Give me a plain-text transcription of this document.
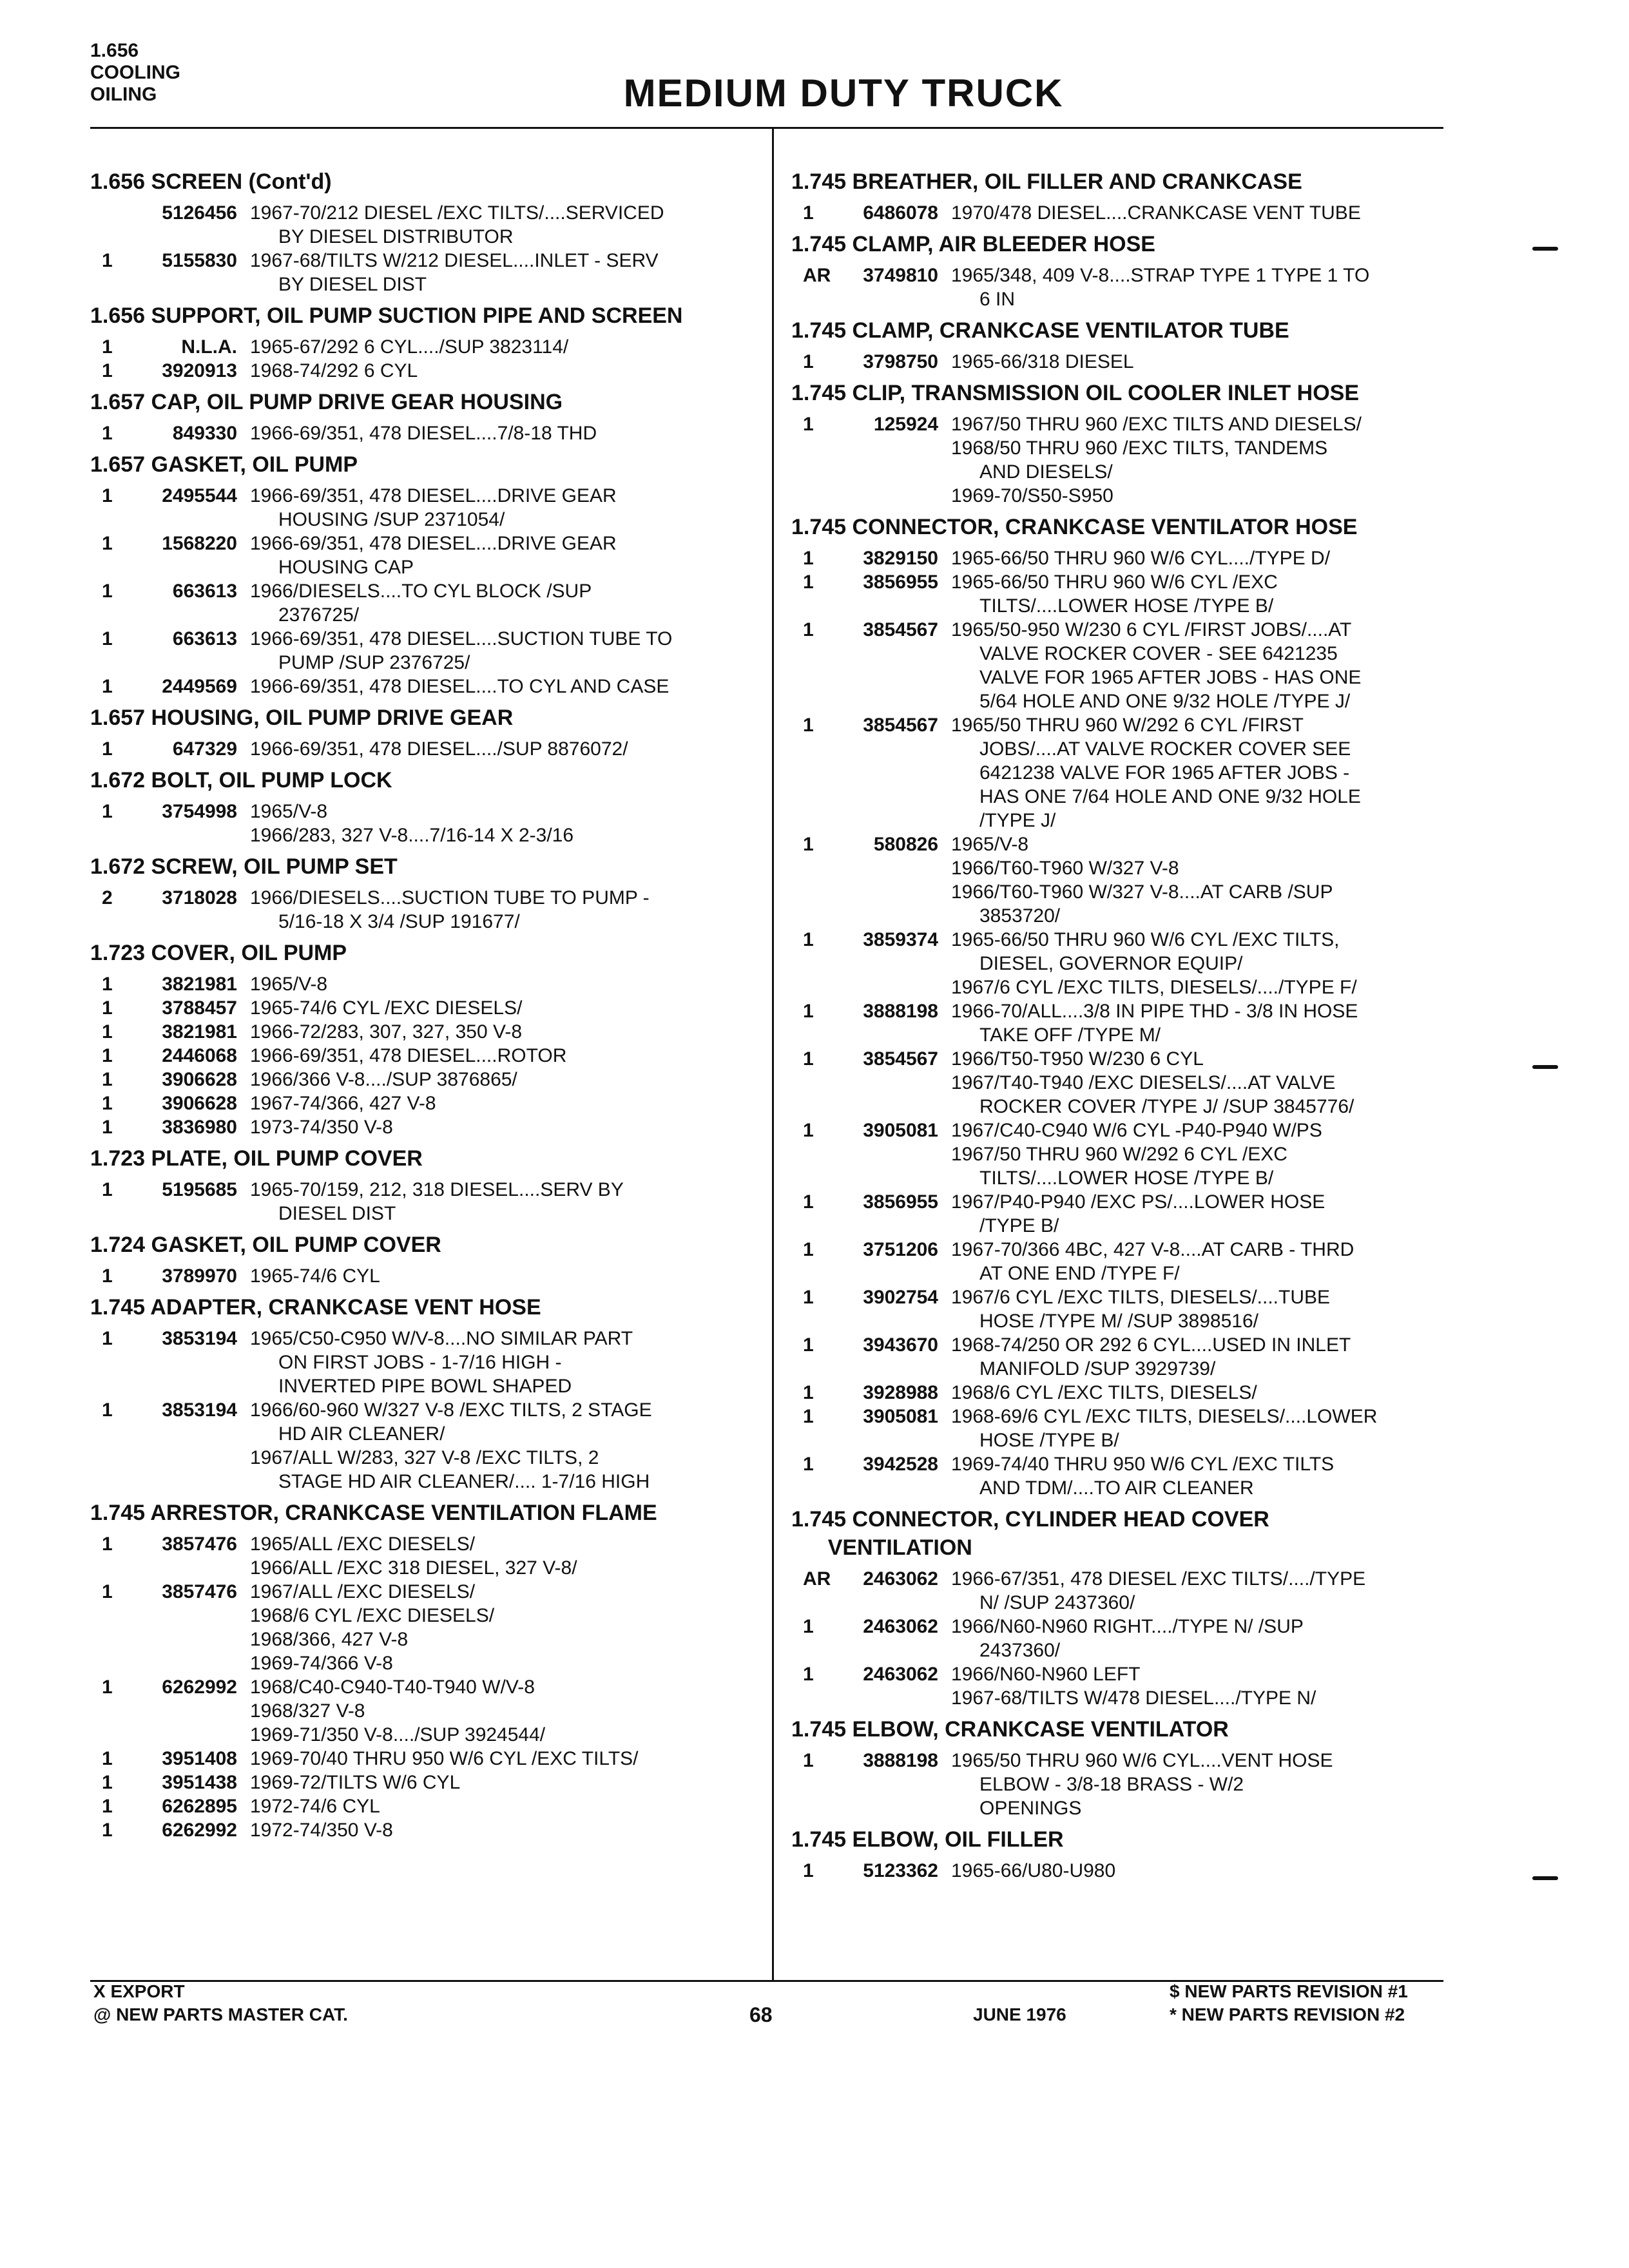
1.656
COOLING
OILING	MEDIUM DUTY TRUCK
1.656 SCREEN (Cont'd)
5126456 1967-70/212 DIESEL /EXC TILTS/....SERVICED
BY DIESEL DISTRIBUTOR
1	5155830 1967-68/TILTS W/212 DIESEL....INLET - SERV
BY DIESEL DIST
1.656 SUPPORT, OIL PUMP SUCTION PIPE AND SCREEN
1	N.L.A. 1965-67/292 6 CYL..../SUP 3823114/
1	3920913 1968-74/292 6 CYL
1.657 CAP, OIL PUMP DRIVE GEAR HOUSING
1	849330 1966-69/351, 478 DIESEL....7/8-18 THD
1.657 GASKET, OIL PUMP
1	2495544 1966-69/351, 478 DIESEL....DRIVE GEAR
HOUSING /SUP 2371054/
1	1568220 1966-69/351, 478 DIESEL....DRIVE GEAR
HOUSING CAP
1	663613 1966/DIESELS....TO CYL BLOCK /SUP
2376725/
1	663613 1966-69/351, 478 DIESEL....SUCTION TUBE TO
PUMP /SUP 2376725/
1	2449569 1966-69/351, 478 DIESEL....TO CYL AND CASE
1.657 HOUSING, OIL PUMP DRIVE GEAR
1	647329 1966-69/351, 478 DIESEL..../SUP 8876072/
1.672 BOLT, OIL PUMP LOCK
1	3754998 1965/V-8
1966/283, 327 V-8....7/16-14 X 2-3/16
1.672 SCREW, OIL PUMP SET
2	3718028 1966/DIESELS....SUCTION TUBE TO PUMP -
5/16-18 X 3/4 /SUP 191677/
1.723 COVER, OIL PUMP
1	3821981 1965/V-8
1	3788457 1965-74/6 CYL /EXC DIESELS/
1	3821981 1966-72/283, 307, 327, 350 V-8
1	2446068 1966-69/351, 478 DIESEL....ROTOR
1	3906628 1966/366 V-8..../SUP 3876865/
1	3906628 1967-74/366, 427 V-8
1	3836980 1973-74/350 V-8
1.723 PLATE, OIL PUMP COVER
1	5195685 1965-70/159, 212, 318 DIESEL....SERV BY
DIESEL DIST
1.724 GASKET, OIL PUMP COVER
1	3789970 1965-74/6 CYL
1.745 ADAPTER, CRANKCASE VENT HOSE
1	3853194 1965/C50-C950 W/V-8....NO SIMILAR PART
ON FIRST JOBS - 1-7/16 HIGH -
INVERTED PIPE BOWL SHAPED
1	3853194 1966/60-960 W/327 V-8 /EXC TILTS, 2 STAGE
HD AIR CLEANER/
1967/ALL W/283, 327 V-8 /EXC TILTS, 2
STAGE HD AIR CLEANER/.... 1-7/16 HIGH
1.745 ARRESTOR, CRANKCASE VENTILATION FLAME
1	3857476 1965/ALL /EXC DIESELS/
1966/ALL /EXC 318 DIESEL, 327 V-8/
1	3857476 1967/ALL /EXC DIESELS/
1968/6 CYL /EXC DIESELS/
1968/366, 427 V-8
1969-74/366 V-8
1	6262992 1968/C40-C940-T40-T940 W/V-8
1968/327 V-8
1969-71/350 V-8..../SUP 3924544/
1	3951408 1969-70/40 THRU 950 W/6 CYL /EXC TILTS/
1	3951438 1969-72/TILTS W/6 CYL
1	6262895 1972-74/6 CYL
1	6262992 1972-74/350 V-8
1.745 BREATHER, OIL FILLER AND CRANKCASE
1	6486078 1970/478 DIESEL....CRANKCASE VENT TUBE
1.745 CLAMP, AIR BLEEDER HOSE
AR	3749810 1965/348, 409 V-8....STRAP TYPE 1 TYPE 1 TO
6 IN
1.745 CLAMP, CRANKCASE VENTILATOR TUBE
1	3798750 1965-66/318 DIESEL
1.745 CLIP, TRANSMISSION OIL COOLER INLET HOSE
1	125924 1967/50 THRU 960 /EXC TILTS AND DIESELS/
1968/50 THRU 960 /EXC TILTS, TANDEMS
AND DIESELS/
1969-70/S50-S950
1.745 CONNECTOR, CRANKCASE VENTILATOR HOSE
1	3829150 1965-66/50 THRU 960 W/6 CYL..../TYPE D/
1	3856955 1965-66/50 THRU 960 W/6 CYL /EXC
TILTS/....LOWER HOSE /TYPE B/
1	3854567 1965/50-950 W/230 6 CYL /FIRST JOBS/....AT
VALVE ROCKER COVER - SEE 6421235
VALVE FOR 1965 AFTER JOBS - HAS ONE
5/64 HOLE AND ONE 9/32 HOLE /TYPE J/
1	3854567 1965/50 THRU 960 W/292 6 CYL /FIRST
JOBS/....AT VALVE ROCKER COVER SEE
6421238 VALVE FOR 1965 AFTER JOBS -
HAS ONE 7/64 HOLE AND ONE 9/32 HOLE
/TYPE J/
1	580826 1965/V-8
1966/T60-T960 W/327 V-8
1966/T60-T960 W/327 V-8....AT CARB /SUP
3853720/
1	3859374 1965-66/50 THRU 960 W/6 CYL /EXC TILTS,
DIESEL, GOVERNOR EQUIP/
1967/6 CYL /EXC TILTS, DIESELS/..../TYPE F/
1	3888198 1966-70/ALL....3/8 IN PIPE THD - 3/8 IN HOSE
TAKE OFF /TYPE M/
1	3854567 1966/T50-T950 W/230 6 CYL
1967/T40-T940 /EXC DIESELS/....AT VALVE
ROCKER COVER /TYPE J/ /SUP 3845776/
1	3905081 1967/C40-C940 W/6 CYL -P40-P940 W/PS
1967/50 THRU 960 W/292 6 CYL /EXC
TILTS/....LOWER HOSE /TYPE B/
1	3856955 1967/P40-P940 /EXC PS/....LOWER HOSE
/TYPE B/
1	3751206 1967-70/366 4BC, 427 V-8....AT CARB - THRD
AT ONE END /TYPE F/
1	3902754 1967/6 CYL /EXC TILTS, DIESELS/....TUBE
HOSE /TYPE M/ /SUP 3898516/
1	3943670 1968-74/250 OR 292 6 CYL....USED IN INLET
MANIFOLD /SUP 3929739/
1	3928988 1968/6 CYL /EXC TILTS, DIESELS/
1	3905081 1968-69/6 CYL /EXC TILTS, DIESELS/....LOWER
HOSE /TYPE B/
1	3942528 1969-74/40 THRU 950 W/6 CYL /EXC TILTS
AND TDM/....TO AIR CLEANER
1.745 CONNECTOR, CYLINDER HEAD COVER
VENTILATION
AR	2463062 1966-67/351, 478 DIESEL /EXC TILTS/..../TYPE
N/ /SUP 2437360/
1	2463062 1966/N60-N960 RIGHT..../TYPE N/ /SUP
2437360/
1	2463062 1966/N60-N960 LEFT
1967-68/TILTS W/478 DIESEL..../TYPE N/
1.745 ELBOW, CRANKCASE VENTILATOR
1	3888198 1965/50 THRU 960 W/6 CYL....VENT HOSE
ELBOW - 3/8-18 BRASS - W/2
OPENINGS
1.745 ELBOW, OIL FILLER
1	5123362 1965-66/U80-U980
X EXPORT
@ NEW PARTS MASTER CAT.	68	JUNE 1976
$ NEW PARTS REVISION #1
* NEW PARTS REVISION #2
